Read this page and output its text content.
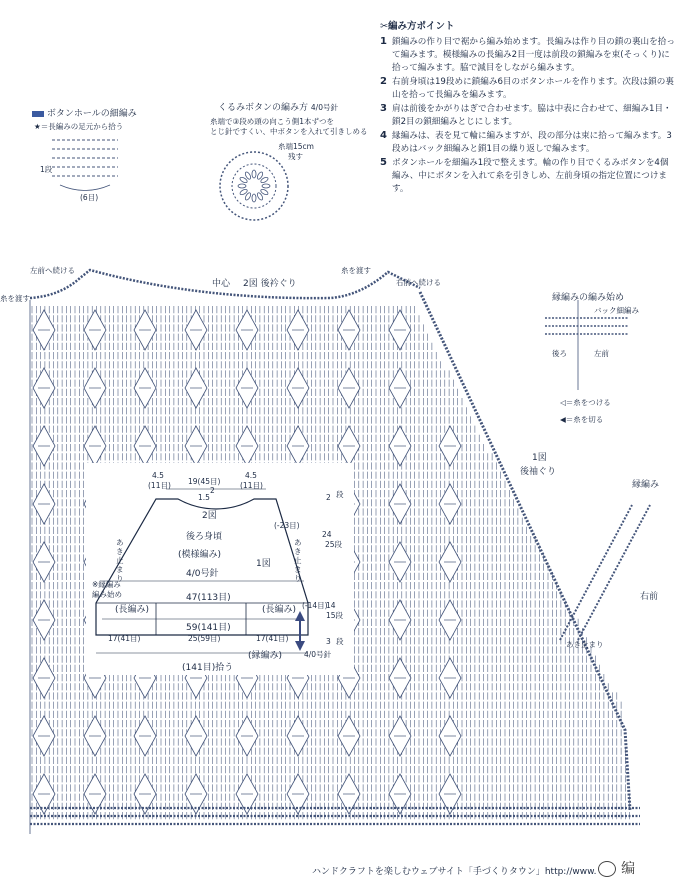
✂編み方ポイント
1 鎖編みの作り目で裾から編み始めます。長編みは作り目の鎖の裏山を拾って編みます。模様編みの長編み2目一度は前段の鎖編みを束(そっくり)に拾って編みます。脇で減目をしながら編みます。
2 右前身頃は19段めに鎖編み6目のボタンホールを作ります。次段は鎖の裏山を拾って長編みを編みます。
3 肩は前後をかがりはぎで合わせます。脇は中表に合わせて、細編み1目・鎖2目の鎖細編みとじにします。
4 縁編みは、表を見て輪に編みますが、段の部分は束に拾って編みます。3段めはバック細編みと鎖1目の繰り返しで編みます。
5 ボタンホールを細編み1段で整えます。輪の作り目でくるみボタンを4個編み、中にボタンを入れて糸を引きしめ、左前身頃の指定位置につけます。
ボタンホールの細編み
★＝長編みの足元から拾う
1段
(6目)
くるみボタンの編み方 4/0号針
糸端で③段め頭の向こう側1本ずつを
とじ針ですくい、中ボタンを入れて引きしめる
糸端15cm
残す
左前へ続ける
糸を渡す
中心 2図 後衿ぐり
糸を渡す
右前へ続ける
1図
後袖ぐり
縁編み
右前
あき止まり
縁編みの編み始め
バック細編み
後ろ	左前
◁＝糸をつける
◀＝糸を切る
4.5
(11目) 19(45目)
2
1.5
4.5
(11目)
2図
(-23目)
後ろ身頃
(模様編み)
4/0号針
1図
あき止まり
あき止まり
※縁編み
編み始め	47(113目)
(長編み)	(長編み)
59(141目)
17(41目)	25(59目)	17(41目)
(縁編み)	4/0号針
(141目)拾う
2 段
24
25段
(-14目)
14
15段
3 段
ハンドクラフトを楽しむウェブサイト「手づくりタウン」http://www.	编
